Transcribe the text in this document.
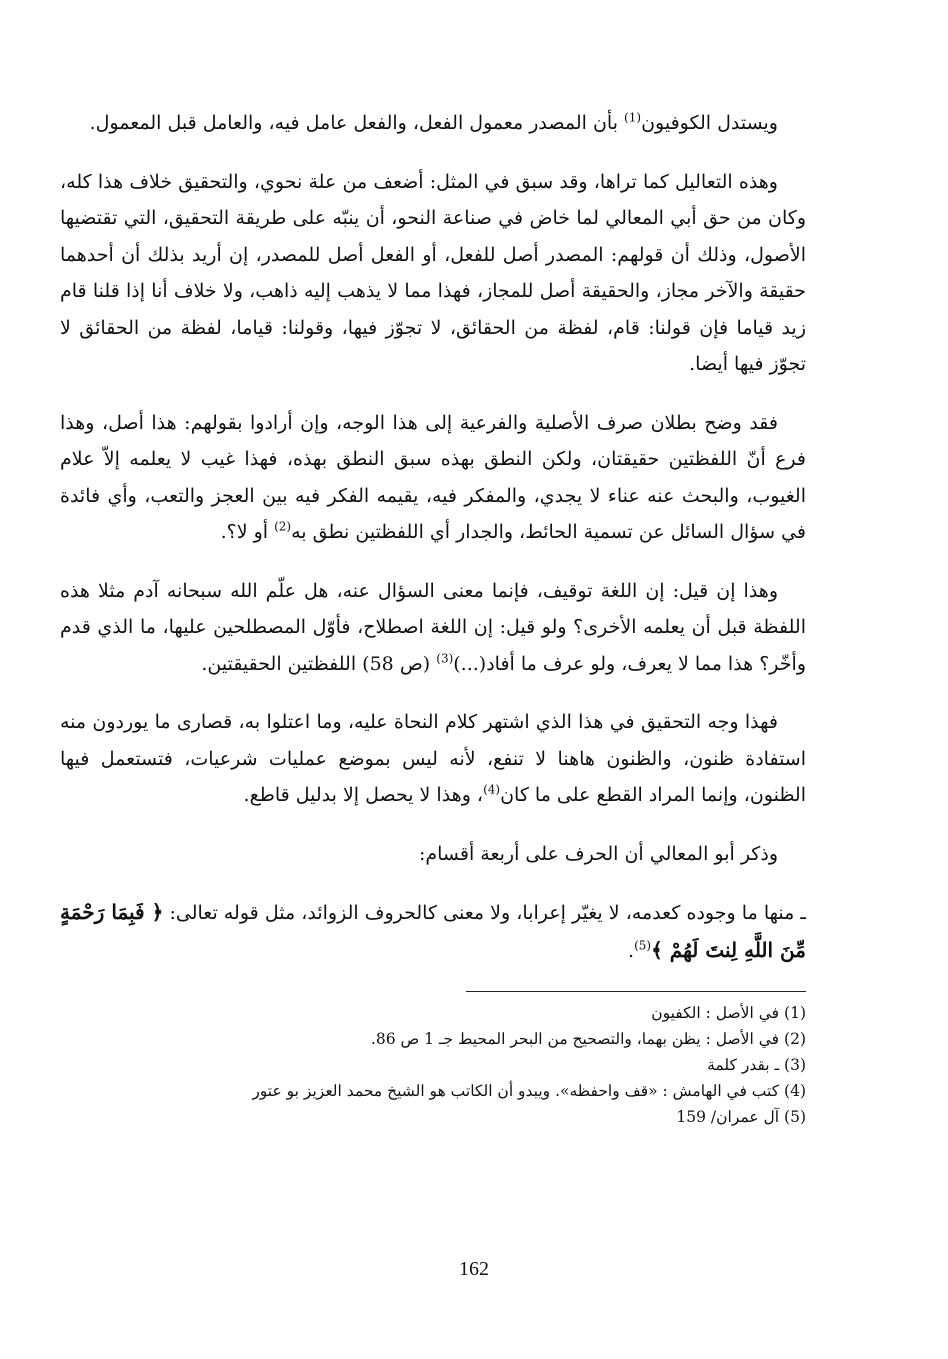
ويستدل الكوفيون$^{(1)}$ بأن المصدر معمول الفعل، والفعل عامل فيه، والعامل قبل المعمول.

وهذه التعاليل كما تراها، وقد سبق في المثل: أضعف من علة نحوي، والتحقيق خلاف هذا كله، وكان من حق أبي المعالي لما خاض في صناعة النحو، أن ينبّه على طريقة التحقيق، التي تقتضيها الأصول، وذلك أن قولهم: المصدر أصل للفعل، أو الفعل أصل للمصدر، إن أريد بذلك أن أحدهما حقيقة والآخر مجاز، والحقيقة أصل للمجاز، فهذا مما لا يذهب إليه ذاهب، ولا خلاف أنا إذا قلنا قام زيد قياما فإن قولنا: قام، لفظة من الحقائق، لا تجوّز فيها، وقولنا: قياما، لفظة من الحقائق لا تجوّز فيها أيضا.

فقد وضح بطلان صرف الأصلية والفرعية إلى هذا الوجه، وإن أرادوا بقولهم: هذا أصل، وهذا فرع أنّ اللفظتين حقيقتان، ولكن النطق بهذه سبق النطق بهذه، فهذا غيب لا يعلمه إلاّ علام الغيوب، والبحث عنه عناء لا يجدي، والمفكر فيه، يقيمه الفكر فيه بين العجز والتعب، وأي فائدة في سؤال السائل عن تسمية الحائط، والجدار أي اللفظتين نطق به$^{(2)}$ أو لا؟.

وهذا إن قيل: إن اللغة توقيف، فإنما معنى السؤال عنه، هل علّم الله سبحانه آدم مثلا هذه اللفظة قبل أن يعلمه الأخرى؟ ولو قيل: إن اللغة اصطلاح، فأوّل المصطلحين عليها، ما الذي قدم وأخّر؟ هذا مما لا يعرف، ولو عرف ما أفاد(...)$^{(3)}$ (ص 58) اللفظتين الحقيقتين.

فهذا وجه التحقيق في هذا الذي اشتهر كلام النحاة عليه، وما اعتلوا به، قصارى ما يوردون منه استفادة ظنون، والظنون هاهنا لا تنفع، لأنه ليس بموضع عمليات شرعيات، فتستعمل فيها الظنون، وإنما المراد القطع على ما كان$^{(4)}$، وهذا لا يحصل إلا بدليل قاطع.

وذكر أبو المعالي أن الحرف على أربعة أقسام:

ـ منها ما وجوده كعدمه، لا يغيّر إعرابا، ولا معنى كالحروف الزوائد، مثل قوله تعالى: ﴿ فَبِمَا رَحْمَةٍ مِّنَ اللَّهِ لِنتَ لَهُمْ ﴾$^{(5)}$.

(1) في الأصل : الكفيون
(2) في الأصل : يظن بهما، والتصحيح من البحر المحيط جـ 1 ص 86.
(3) ـ بقدر كلمة
(4) كتب في الهامش : «قف واحفظه». ويبدو أن الكاتب هو الشيخ محمد العزيز بو عتور
(5) آل عمران/ 159
162
